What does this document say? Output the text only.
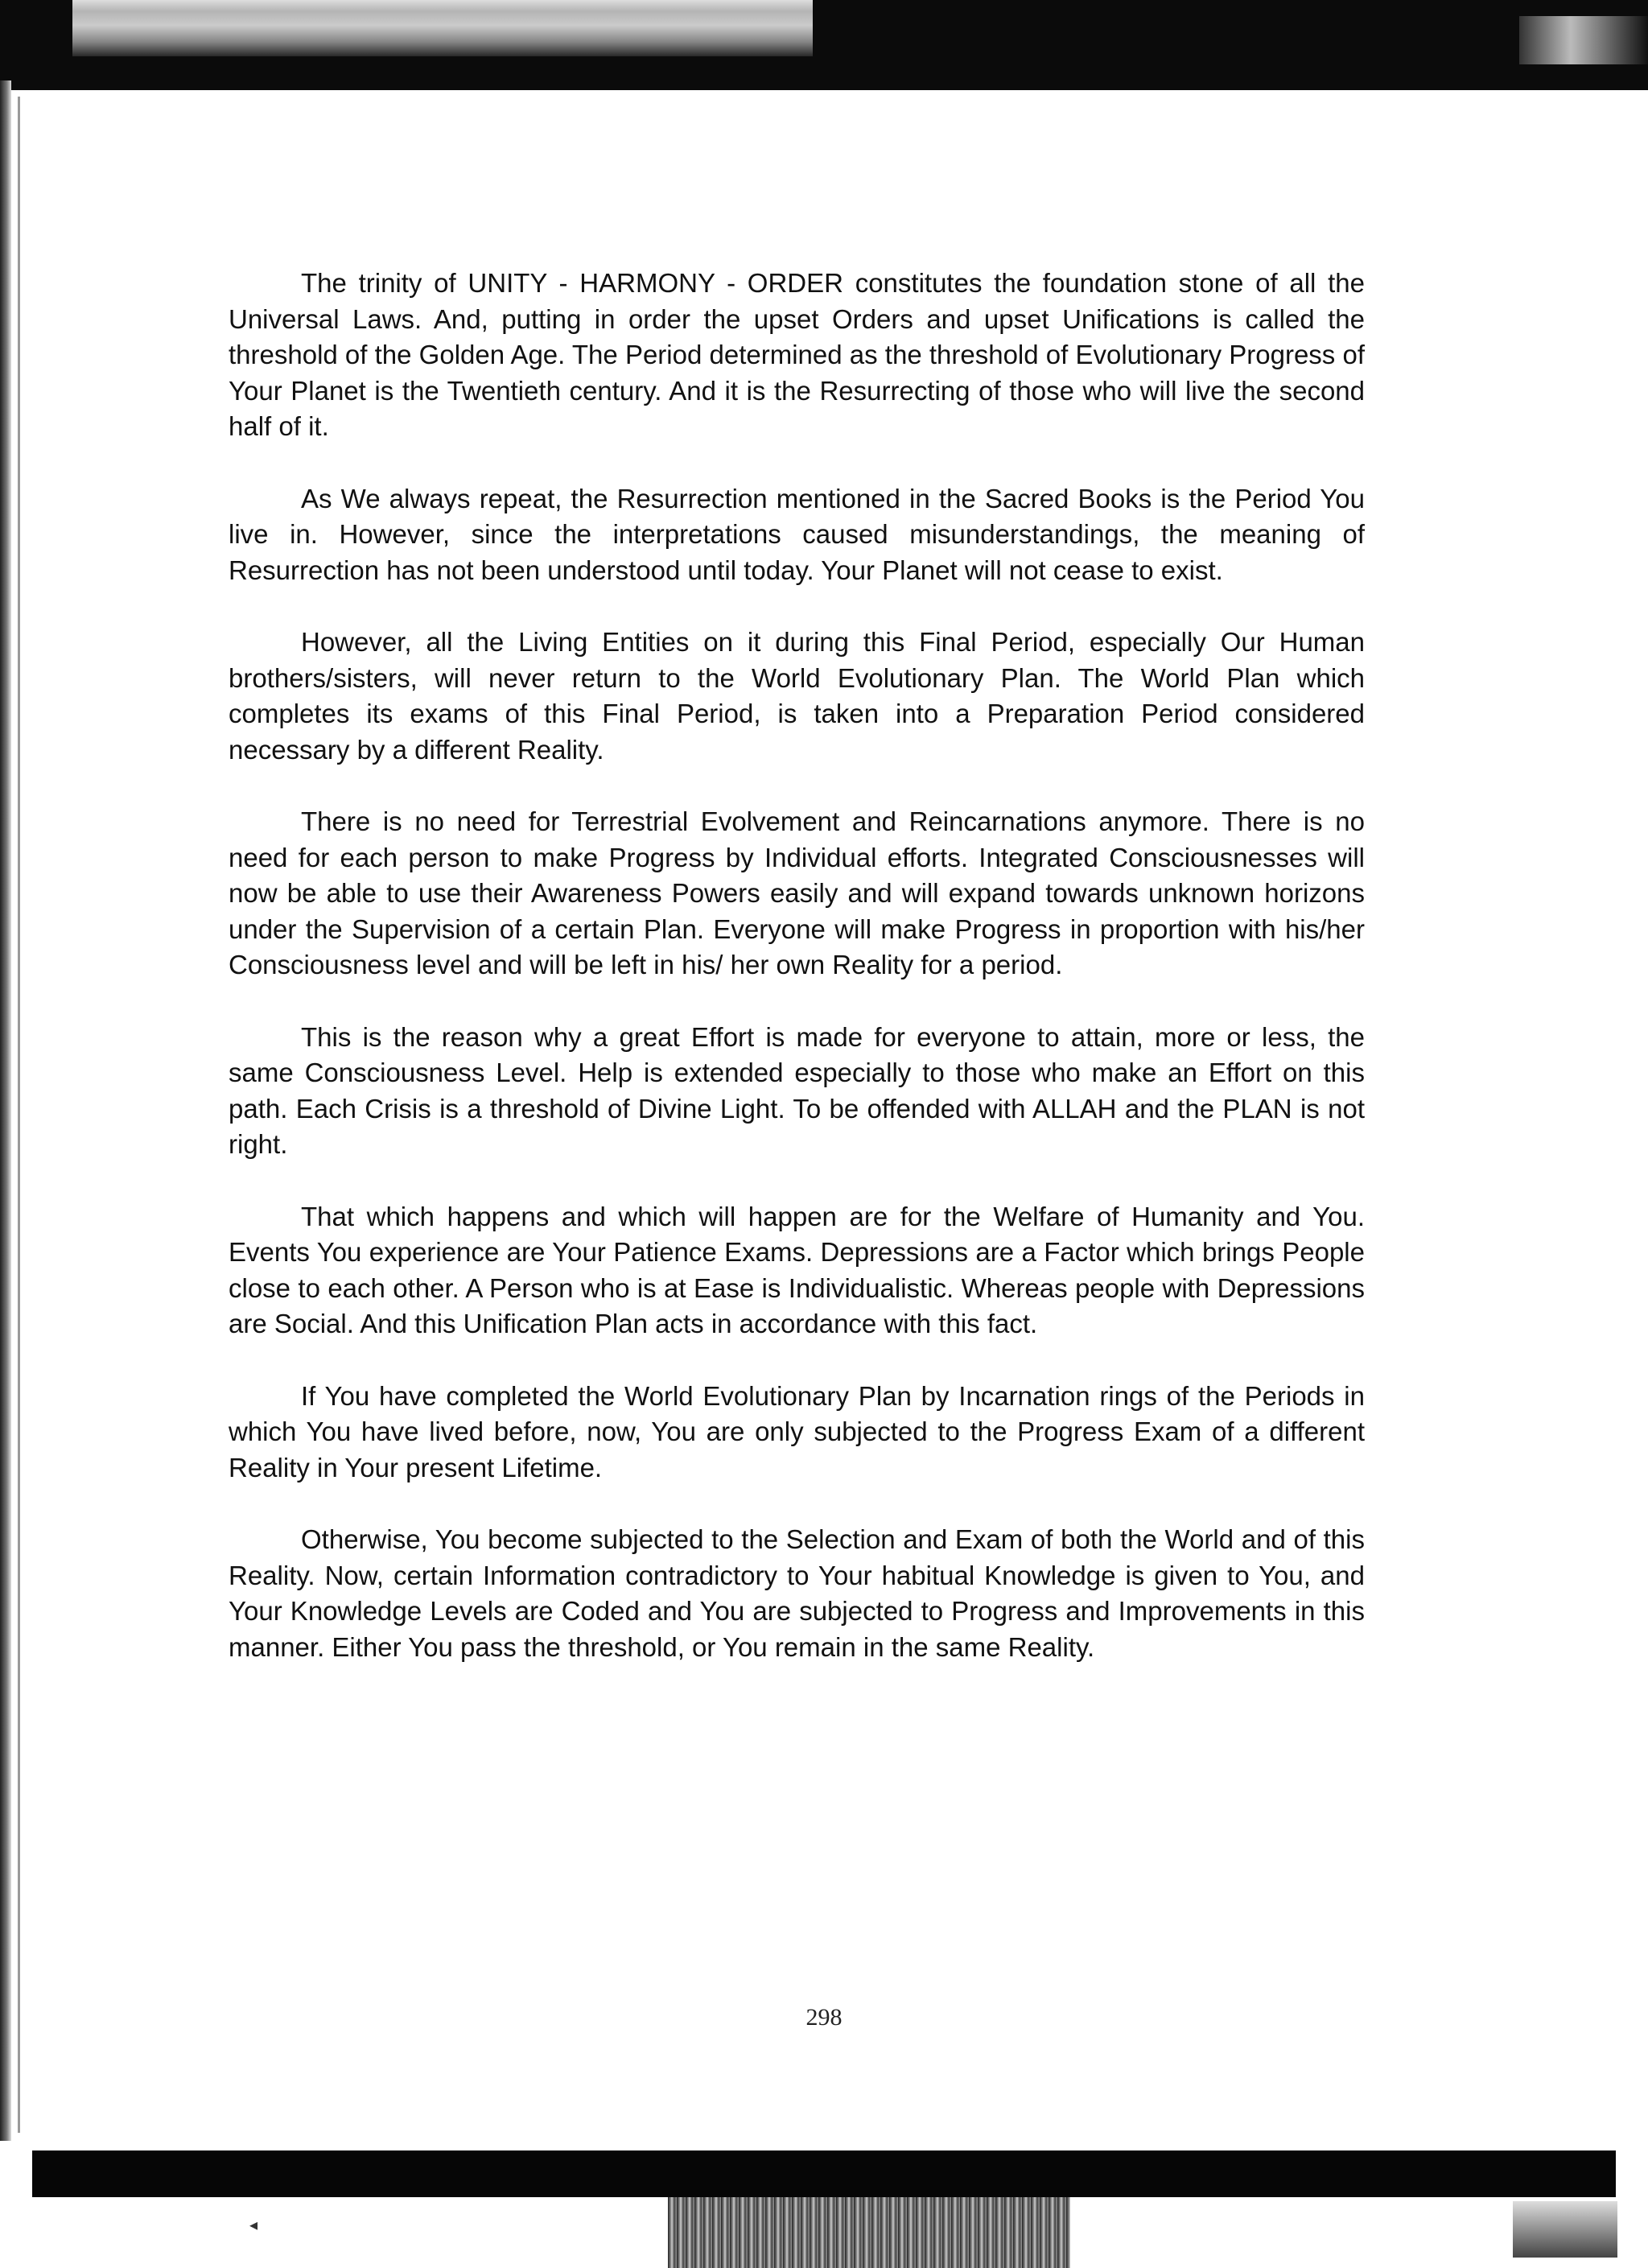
◂

The trinity of UNITY - HARMONY - ORDER constitutes the foundation stone of all the Universal Laws. And, putting in order the upset Orders and upset Unifications is called the threshold of the Golden Age. The Period determined as the threshold of Evolutionary Progress of Your Planet is the Twentieth century. And it is the Resurrecting of those who will live the second half of it.

As We always repeat, the Resurrection mentioned in the Sacred Books is the Period You live in. However, since the interpretations caused misunderstandings, the meaning of Resurrection has not been understood until today. Your Planet will not cease to exist.

However, all the Living Entities on it during this Final Period, especially Our Human brothers/sisters, will never return to the World Evolutionary Plan. The World Plan which completes its exams of this Final Period, is taken into a Preparation Period considered necessary by a different Reality.

There is no need for Terrestrial Evolvement and Reincarnations anymore. There is no need for each person to make Progress by Individual efforts. Integrated Consciousnesses will now be able to use their Awareness Powers easily and will expand towards unknown horizons under the Supervision of a certain Plan. Everyone will make Progress in proportion with his/her Consciousness level and will be left in his/ her own Reality for a period.

This is the reason why a great Effort is made for everyone to attain, more or less, the same Consciousness Level. Help is extended especially to those who make an Effort on this path. Each Crisis is a threshold of Divine Light. To be offended with ALLAH and the PLAN is not right.

That which happens and which will happen are for the Welfare of Humanity and You. Events You experience are Your Patience Exams. Depressions are a Factor which brings People close to each other. A Person who is at Ease is Individualistic. Whereas people with Depressions are Social. And this Unification Plan acts in accordance with this fact.

If You have completed the World Evolutionary Plan by Incarnation rings of the Periods in which You have lived before, now, You are only subjected to the Progress Exam of a different Reality in Your present Lifetime.

Otherwise, You become subjected to the Selection and Exam of both the World and of this Reality. Now, certain Information contradictory to Your habitual Knowledge is given to You, and Your Knowledge Levels are Coded and You are subjected to Progress and Improvements in this manner. Either You pass the threshold, or You remain in the same Reality.

298
